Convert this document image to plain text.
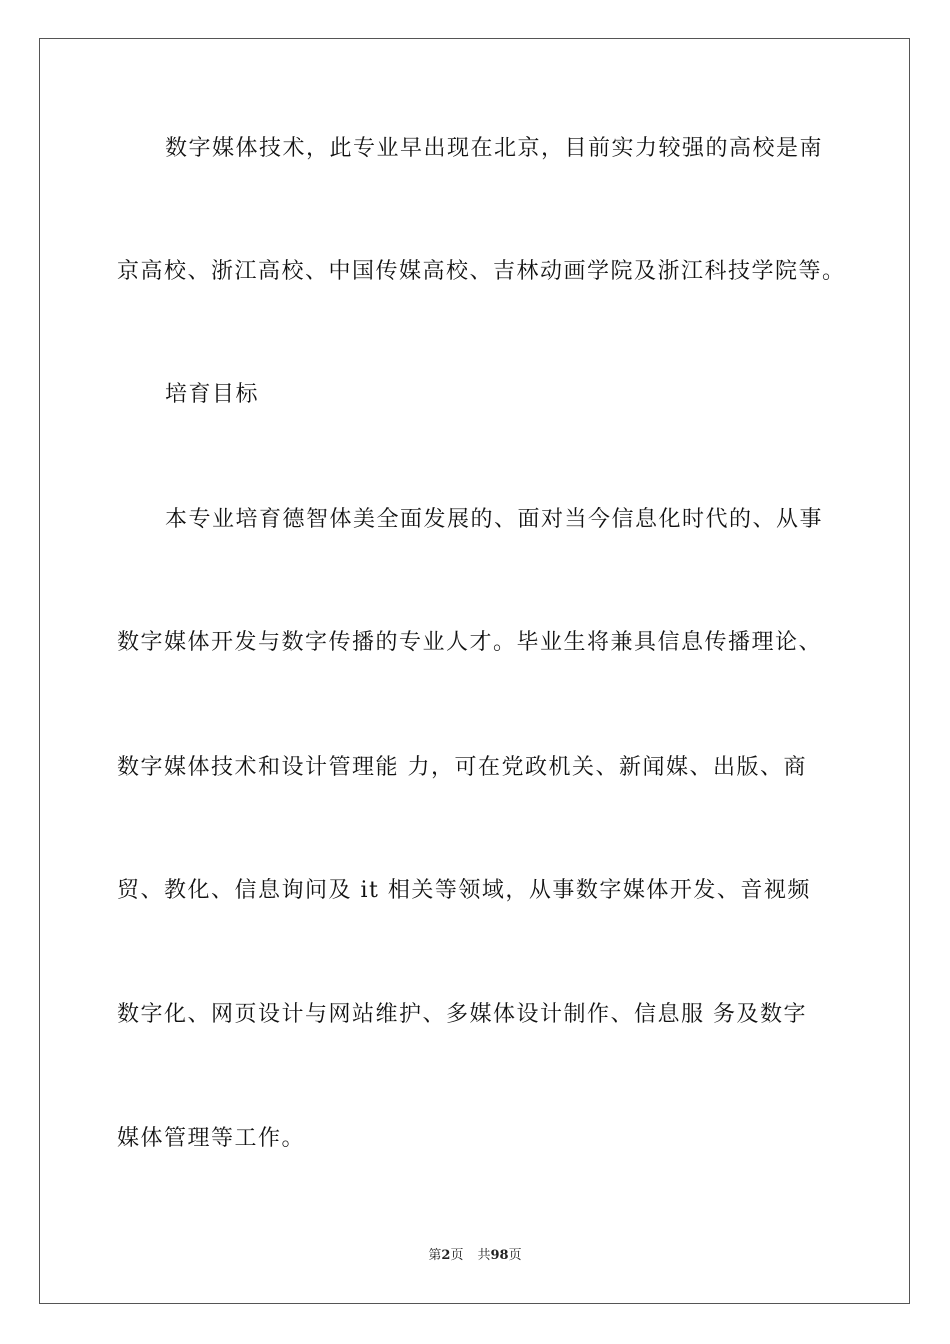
数字媒体技术，此专业早出现在北京，目前实力较强的高校是南
京高校、浙江高校、中国传媒高校、吉林动画学院及浙江科技学院等。
培育目标
本专业培育德智体美全面发展的、面对当今信息化时代的、从事
数字媒体开发与数字传播的专业人才。毕业生将兼具信息传播理论、
数字媒体技术和设计管理能 力，可在党政机关、新闻媒、出版、商
贸、教化、信息询问及 it 相关等领域，从事数字媒体开发、音视频
数字化、网页设计与网站维护、多媒体设计制作、信息服 务及数字
媒体管理等工作。
第2页 共98页
